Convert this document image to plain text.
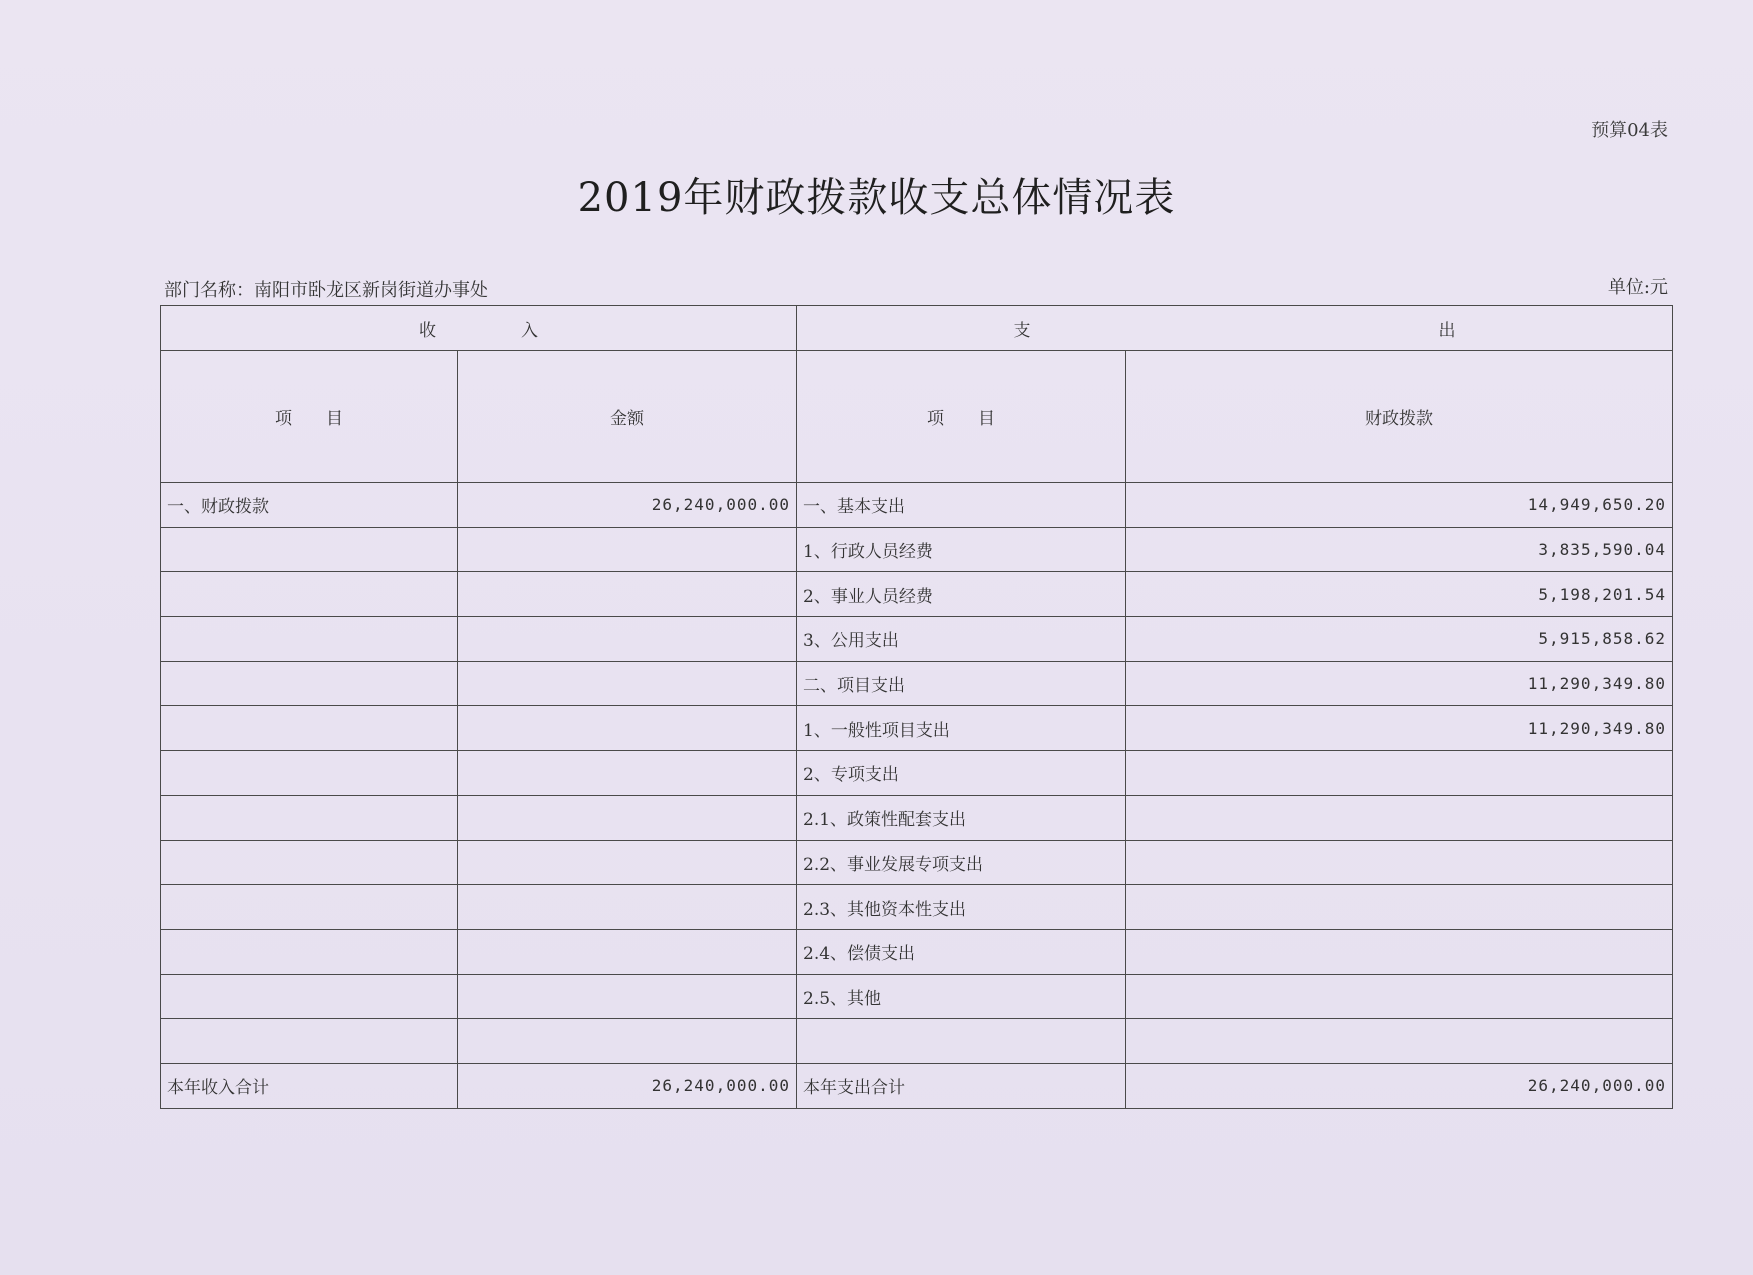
预算04表
2019年财政拨款收支总体情况表
部门名称：南阳市卧龙区新岗街道办事处	单位:元
收　　　　　入		支　　　　　　　　　　　　　　　　　　　　　　　　出	
项　　目	金额	项　　目	财政拨款
一、财政拨款	26,240,000.00	一、基本支出	14,949,650.20
		1、行政人员经费	3,835,590.04
		2、事业人员经费	5,198,201.54
		3、公用支出	5,915,858.62
		二、项目支出	11,290,349.80
		1、一般性项目支出	11,290,349.80
		2、专项支出	
		2.1、政策性配套支出	
		2.2、事业发展专项支出	
		2.3、其他资本性支出	
		2.4、偿债支出	
		2.5、其他	

本年收入合计	26,240,000.00	本年支出合计	26,240,000.00
